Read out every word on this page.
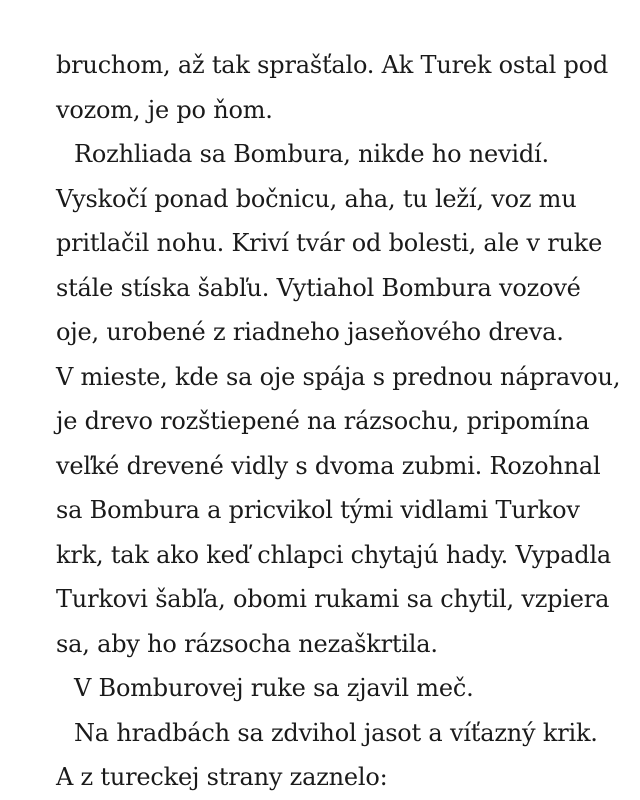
bruchom, až tak sprašťalo. Ak Turek ostal pod
vozom, je po ňom.
Rozhliada sa Bombura, nikde ho nevidí.
Vyskočí ponad bočnicu, aha, tu leží, voz mu
pritlačil nohu. Kriví tvár od bolesti, ale v ruke
stále stíska šabľu. Vytiahol Bombura vozové
oje, urobené z riadneho jaseňového dreva.
V mieste, kde sa oje spája s prednou nápravou,
je drevo rozštiepené na rázsochu, pripomína
veľké drevené vidly s dvoma zubmi. Rozohnal
sa Bombura a pricvikol tými vidlami Turkov
krk, tak ako keď chlapci chytajú hady. Vypadla
Turkovi šabľa, obomi rukami sa chytil, vzpiera
sa, aby ho rázsocha nezaškrtila.
V Bomburovej ruke sa zjavil meč.
Na hradbách sa zdvihol jasot a víťazný krik.
A z tureckej strany zaznelo:
